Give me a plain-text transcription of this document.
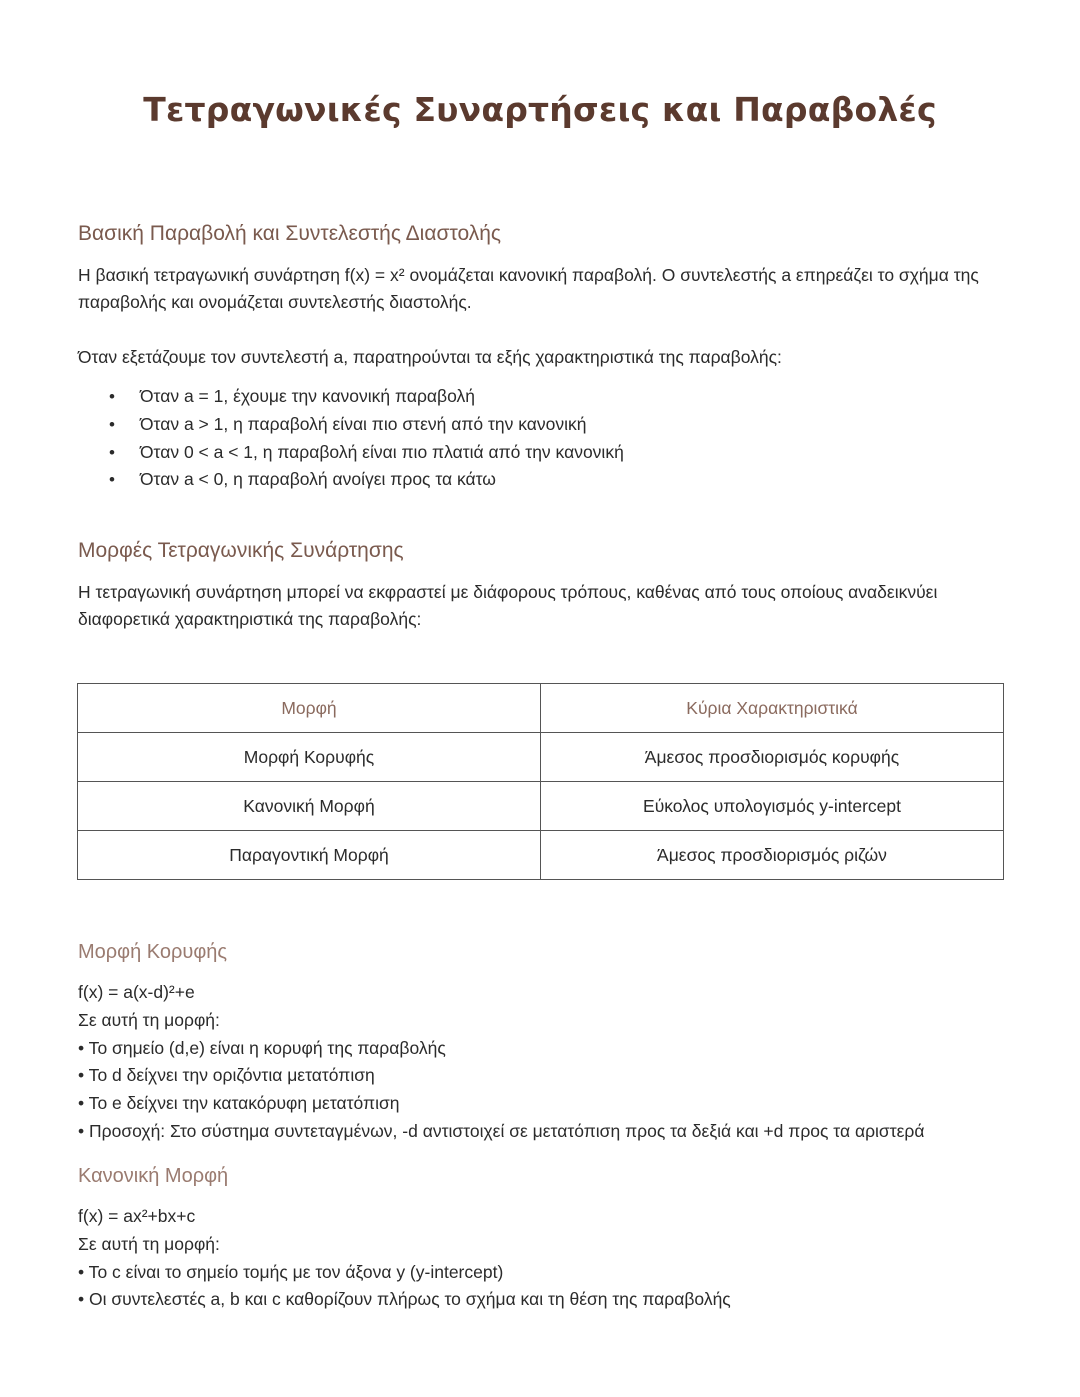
Τετραγωνικές Συναρτήσεις και Παραβολές
Βασική Παραβολή και Συντελεστής Διαστολής

Η βασική τετραγωνική συνάρτηση f(x) = x² ονομάζεται κανονική παραβολή. Ο συντελεστής a επηρεάζει το σχήμα της παραβολής και ονομάζεται συντελεστής διαστολής.

Όταν εξετάζουμε τον συντελεστή a, παρατηρούνται τα εξής χαρακτηριστικά της παραβολής:

• Όταν a = 1, έχουμε την κανονική παραβολή
• Όταν a > 1, η παραβολή είναι πιο στενή από την κανονική
• Όταν 0 < a < 1, η παραβολή είναι πιο πλατιά από την κανονική
• Όταν a < 0, η παραβολή ανοίγει προς τα κάτω
Μορφές Τετραγωνικής Συνάρτησης

Η τετραγωνική συνάρτηση μπορεί να εκφραστεί με διάφορους τρόπους, καθένας από τους οποίους αναδεικνύει διαφορετικά χαρακτηριστικά της παραβολής:

Μορφή	Κύρια Χαρακτηριστικά
Μορφή Κορυφής	Άμεσος προσδιορισμός κορυφής
Κανονική Μορφή	Εύκολος υπολογισμός y-intercept
Παραγοντική Μορφή	Άμεσος προσδιορισμός ριζών
Μορφή Κορυφής
f(x) = a(x-d)²+e
Σε αυτή τη μορφή:
• Το σημείο (d,e) είναι η κορυφή της παραβολής
• Το d δείχνει την οριζόντια μετατόπιση
• Το e δείχνει την κατακόρυφη μετατόπιση
• Προσοχή: Στο σύστημα συντεταγμένων, -d αντιστοιχεί σε μετατόπιση προς τα δεξιά και +d προς τα αριστερά
Κανονική Μορφή
f(x) = ax²+bx+c
Σε αυτή τη μορφή:
• Το c είναι το σημείο τομής με τον άξονα y (y-intercept)
• Οι συντελεστές a, b και c καθορίζουν πλήρως το σχήμα και τη θέση της παραβολής
